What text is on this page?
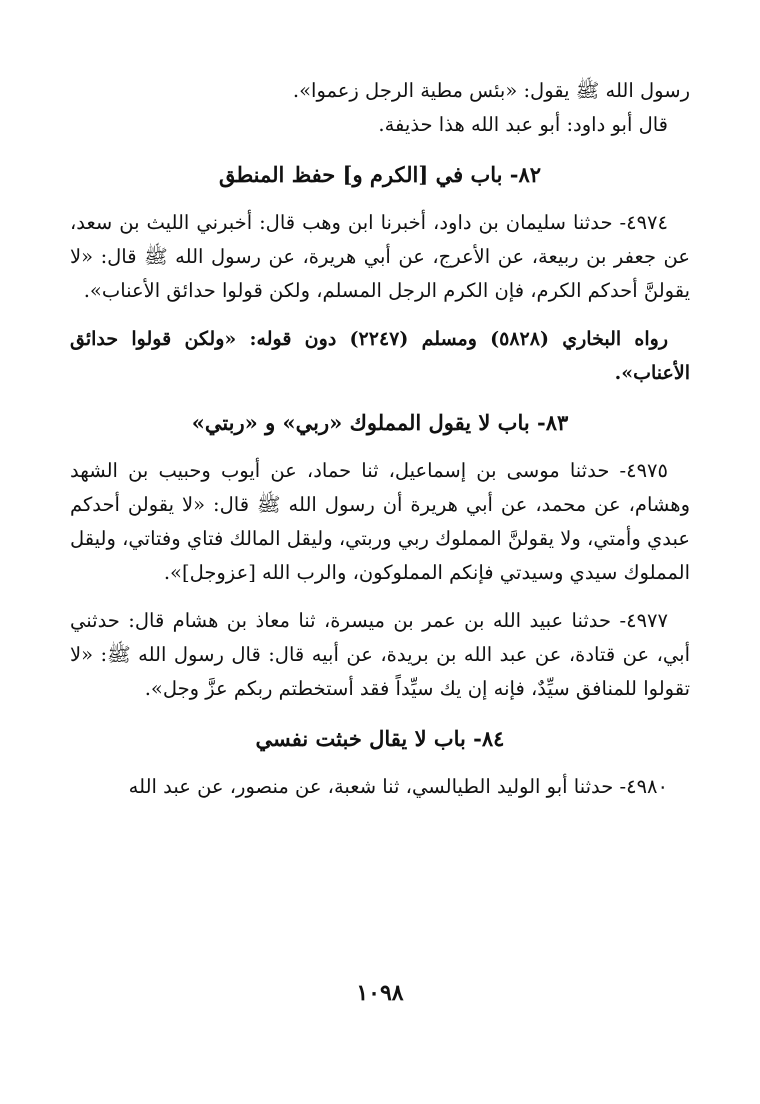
رسول الله ﷺ يقول: «بئس مطية الرجل زعموا».

قال أبو داود: أبو عبد الله هذا حذيفة.

٨٢- باب في [الكرم و] حفظ المنطق

٤٩٧٤- حدثنا سليمان بن داود، أخبرنا ابن وهب قال: أخبرني الليث بن سعد، عن جعفر بن ربيعة، عن الأعرج، عن أبي هريرة، عن رسول الله ﷺ قال: «لا يقولنَّ أحدكم الكرم، فإن الكرم الرجل المسلم، ولكن قولوا حدائق الأعناب».

رواه البخاري (٥٨٢٨) ومسلم (٢٢٤٧) دون قوله: «ولكن قولوا حدائق الأعناب».

٨٣- باب لا يقول المملوك «ربي» و «ربتي»

٤٩٧٥- حدثنا موسى بن إسماعيل، ثنا حماد، عن أيوب وحبيب بن الشهد وهشام، عن محمد، عن أبي هريرة أن رسول الله ﷺ قال: «لا يقولن أحدكم عبدي وأمتي، ولا يقولنَّ المملوك ربي وربتي، وليقل المالك فتاي وفتاتي، وليقل المملوك سيدي وسيدتي فإنكم المملوكون، والرب الله [عزوجل]».

٤٩٧٧- حدثنا عبيد الله بن عمر بن ميسرة، ثنا معاذ بن هشام قال: حدثني أبي، عن قتادة، عن عبد الله بن بريدة، عن أبيه قال: قال رسول الله ﷺ: «لا تقولوا للمنافق سيِّدٌ، فإنه إن يك سيِّداً فقد أستخطتم ربكم عزَّ وجل».

٨٤- باب لا يقال خبثت نفسي

٤٩٨٠- حدثنا أبو الوليد الطيالسي، ثنا شعبة، عن منصور، عن عبد الله

١٠٩٨
